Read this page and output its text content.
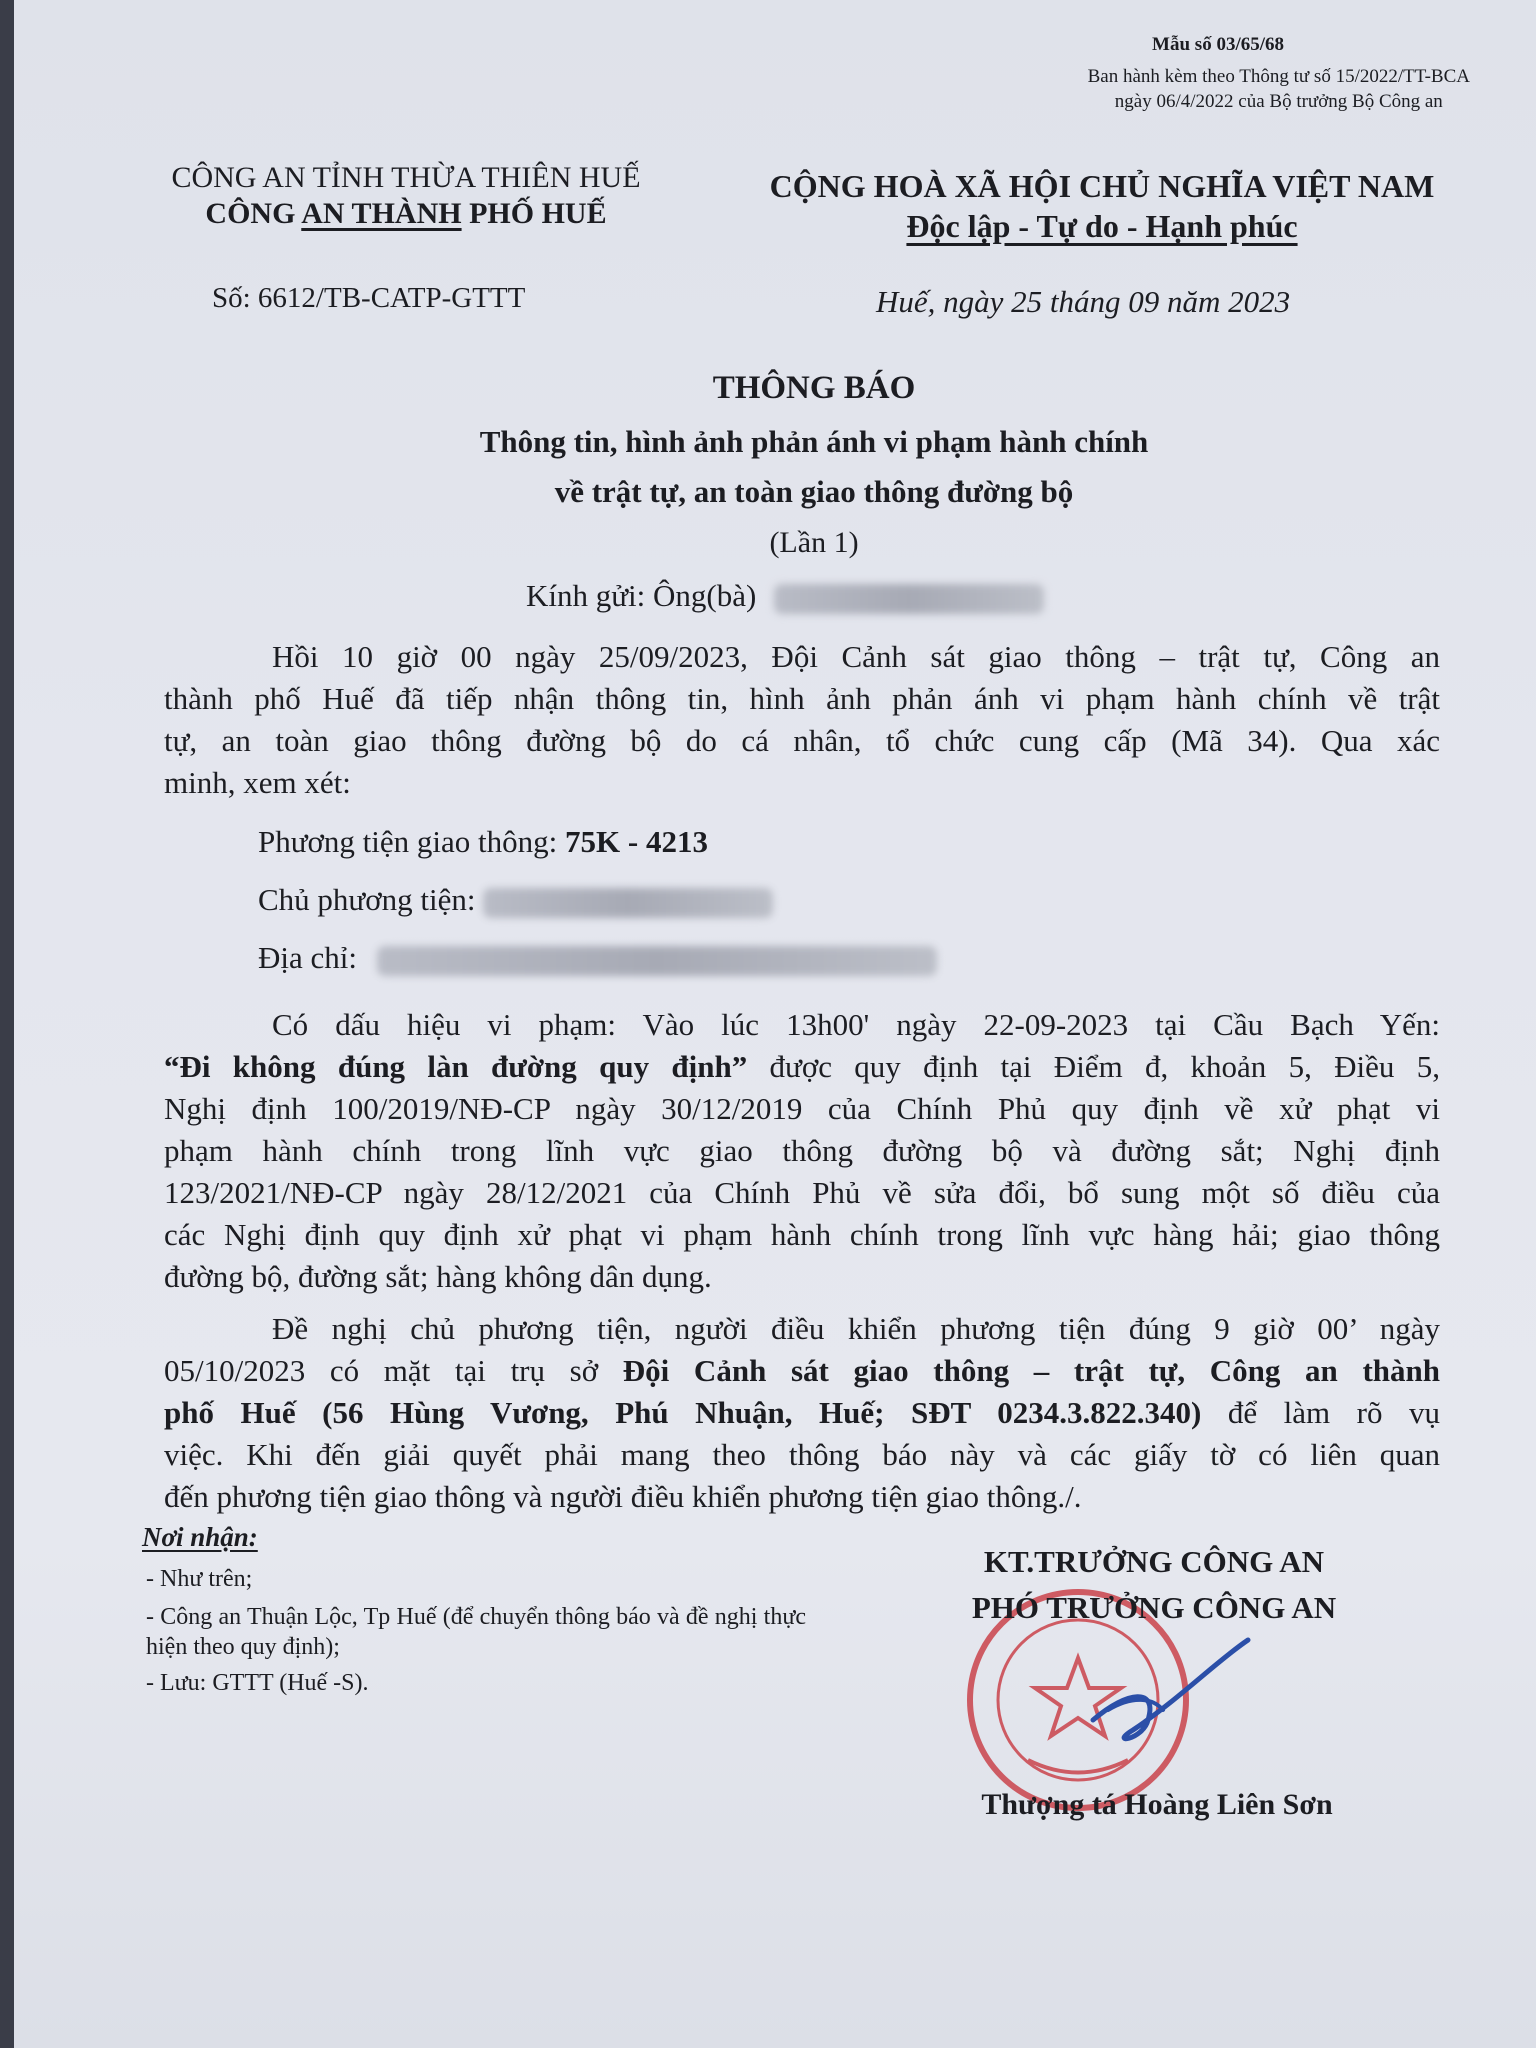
Mẫu số 03/65/68
Ban hành kèm theo Thông tư số 15/2022/TT-BCA
ngày 06/4/2022 của Bộ trưởng Bộ Công an
CÔNG AN TỈNH THỪA THIÊN HUẾ
CÔNG AN THÀNH PHỐ HUẾ
CỘNG HOÀ XÃ HỘI CHỦ NGHĨA VIỆT NAM
Độc lập - Tự do - Hạnh phúc
Số: 6612/TB-CATP-GTTT	Huế, ngày 25 tháng 09 năm 2023
THÔNG BÁO
Thông tin, hình ảnh phản ánh vi phạm hành chính
về trật tự, an toàn giao thông đường bộ
(Lần 1)
Kính gửi: Ông(bà)
Hồi 10 giờ 00 ngày 25/09/2023, Đội Cảnh sát giao thông – trật tự, Công an
thành phố Huế đã tiếp nhận thông tin, hình ảnh phản ánh vi phạm hành chính về trật
tự, an toàn giao thông đường bộ do cá nhân, tổ chức cung cấp (Mã 34). Qua xác
minh, xem xét:
Phương tiện giao thông: 75K - 4213
Chủ phương tiện:
Địa chỉ:
Có dấu hiệu vi phạm: Vào lúc 13h00' ngày 22-09-2023 tại Cầu Bạch Yến:
“Đi không đúng làn đường quy định” được quy định tại Điểm đ, khoản 5, Điều 5,
Nghị định 100/2019/NĐ-CP ngày 30/12/2019 của Chính Phủ quy định về xử phạt vi
phạm hành chính trong lĩnh vực giao thông đường bộ và đường sắt; Nghị định
123/2021/NĐ-CP ngày 28/12/2021 của Chính Phủ về sửa đổi, bổ sung một số điều của
các Nghị định quy định xử phạt vi phạm hành chính trong lĩnh vực hàng hải; giao thông
đường bộ, đường sắt; hàng không dân dụng.
Đề nghị chủ phương tiện, người điều khiển phương tiện đúng 9 giờ 00’ ngày
05/10/2023 có mặt tại trụ sở Đội Cảnh sát giao thông – trật tự, Công an thành
phố Huế (56 Hùng Vương, Phú Nhuận, Huế; SĐT 0234.3.822.340) để làm rõ vụ
việc. Khi đến giải quyết phải mang theo thông báo này và các giấy tờ có liên quan
đến phương tiện giao thông và người điều khiển phương tiện giao thông./.
Nơi nhận:
- Như trên;
- Công an Thuận Lộc, Tp Huế (để chuyển thông báo và đề nghị thực hiện theo quy định);
- Lưu: GTTT (Huế -S).
KT.TRƯỞNG CÔNG AN
PHÓ TRƯỞNG CÔNG AN
Thượng tá Hoàng Liên Sơn
